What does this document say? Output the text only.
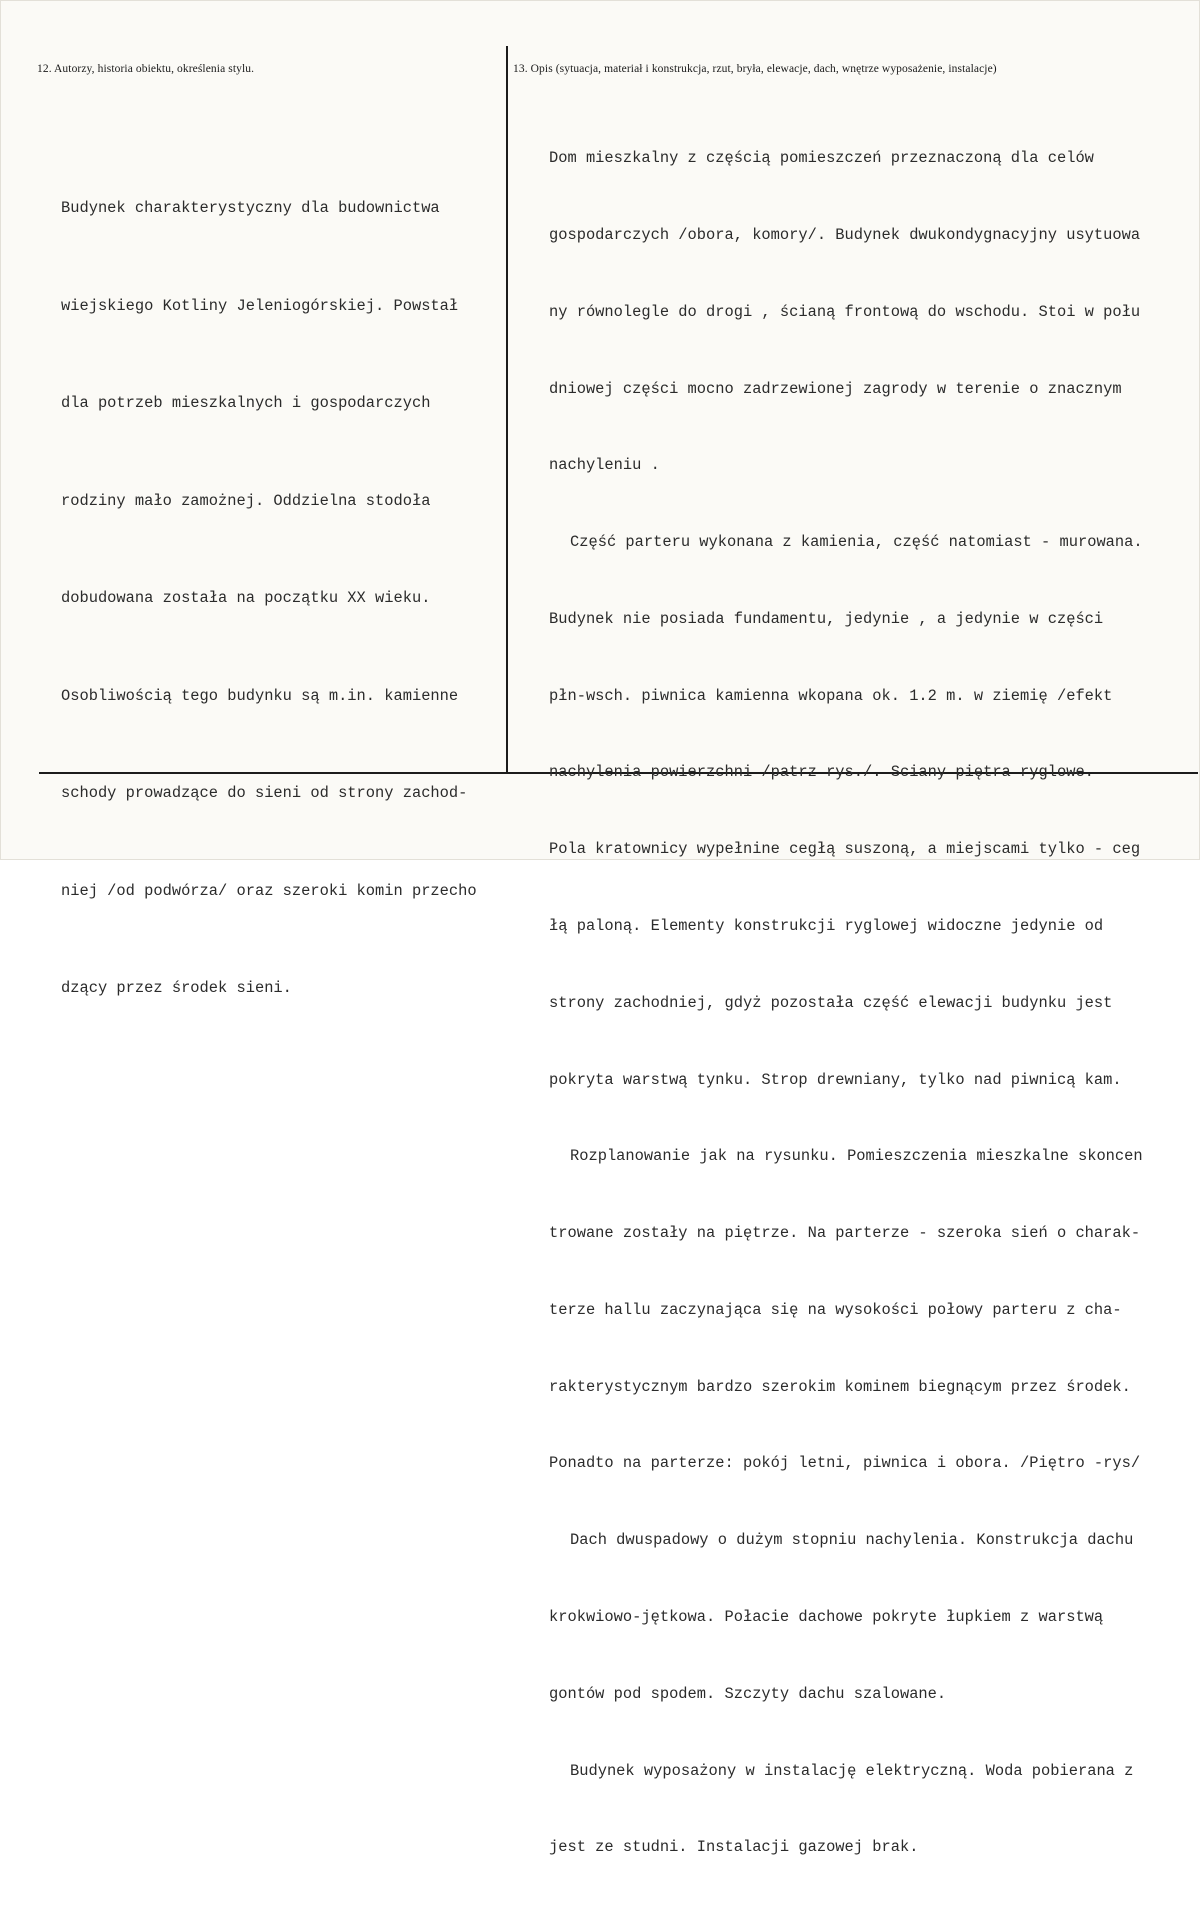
12. Autorzy, historia obiektu, określenia stylu.	13. Opis (sytuacja, materiał i konstrukcja, rzut, bryła, elewacje, dach, wnętrze wyposażenie, instalacje)

Budynek charakterystyczny dla budownictwa

wiejskiego Kotliny Jeleniogórskiej. Powstał

dla potrzeb mieszkalnych i gospodarczych

rodziny mało zamożnej. Oddzielna stodoła

dobudowana została na początku XX wieku.

Osobliwością tego budynku są m.in. kamienne

schody prowadzące do sieni od strony zachod-

niej /od podwórza/ oraz szeroki komin przecho

dzący przez środek sieni.

Dom mieszkalny z częścią pomieszczeń przeznaczoną dla celów

gospodarczych /obora, komory/. Budynek dwukondygnacyjny usytuowa

ny równolegle do drogi , ścianą frontową do wschodu. Stoi w połu

dniowej części mocno zadrzewionej zagrody w terenie o znacznym

nachyleniu .

Część parteru wykonana z kamienia, część natomiast - murowana.

Budynek nie posiada fundamentu, jedynie , a jedynie w części

płn-wsch. piwnica kamienna wkopana ok. 1.2 m. w ziemię /efekt

nachylenia powierzchni /patrz rys./. Sciany piętra ryglowe.

Pola kratownicy wypełnine cegłą suszoną, a miejscami tylko - ceg

łą paloną. Elementy konstrukcji ryglowej widoczne jedynie od

strony zachodniej, gdyż pozostała część elewacji budynku jest

pokryta warstwą tynku. Strop drewniany, tylko nad piwnicą kam.

Rozplanowanie jak na rysunku. Pomieszczenia mieszkalne skoncen

trowane zostały na piętrze. Na parterze - szeroka sień o charak-

terze hallu zaczynająca się na wysokości połowy parteru z cha-

rakterystycznym bardzo szerokim kominem biegnącym przez środek.

Ponadto na parterze: pokój letni, piwnica i obora. /Piętro -rys/

Dach dwuspadowy o dużym stopniu nachylenia. Konstrukcja dachu

krokwiowo-jętkowa. Połacie dachowe pokryte łupkiem z warstwą

gontów pod spodem. Szczyty dachu szalowane.

Budynek wyposażony w instalację elektryczną. Woda pobierana z

jest ze studni. Instalacji gazowej brak.
